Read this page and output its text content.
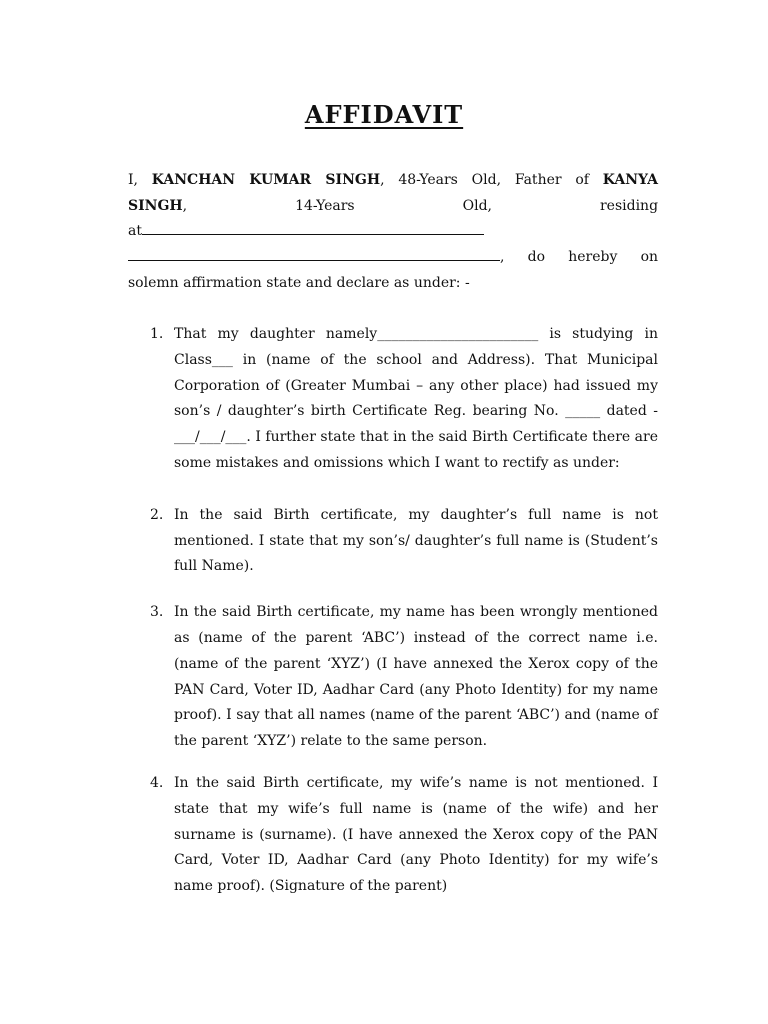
AFFIDAVIT
I, KANCHAN KUMAR SINGH, 48-Years Old, Father of KANYA
SINGH,	14-Years	Old,	residing
at
, do hereby on
solemn affirmation state and declare as under: -
1. That my daughter namely_______________________ is studying in Class___ in (name of the school and Address). That Municipal Corporation of (Greater Mumbai – any other place) had issued my son’s / daughter’s birth Certificate Reg. bearing No. _____ dated -___/___/___. I further state that in the said Birth Certificate there are some mistakes and omissions which I want to rectify as under:
2. In the said Birth certificate, my daughter’s full name is not mentioned. I state that my son’s/ daughter’s full name is (Student’s full Name).
3. In the said Birth certificate, my name has been wrongly mentioned as (name of the parent ‘ABC’) instead of the correct name i.e. (name of the parent ‘XYZ’) (I have annexed the Xerox copy of the PAN Card, Voter ID, Aadhar Card (any Photo Identity) for my name proof). I say that all names (name of the parent ‘ABC’) and (name of the parent ‘XYZ’) relate to the same person.
4. In the said Birth certificate, my wife’s name is not mentioned. I state that my wife’s full name is (name of the wife) and her surname is (surname). (I have annexed the Xerox copy of the PAN Card, Voter ID, Aadhar Card (any Photo Identity) for my wife’s name proof). (Signature of the parent)
